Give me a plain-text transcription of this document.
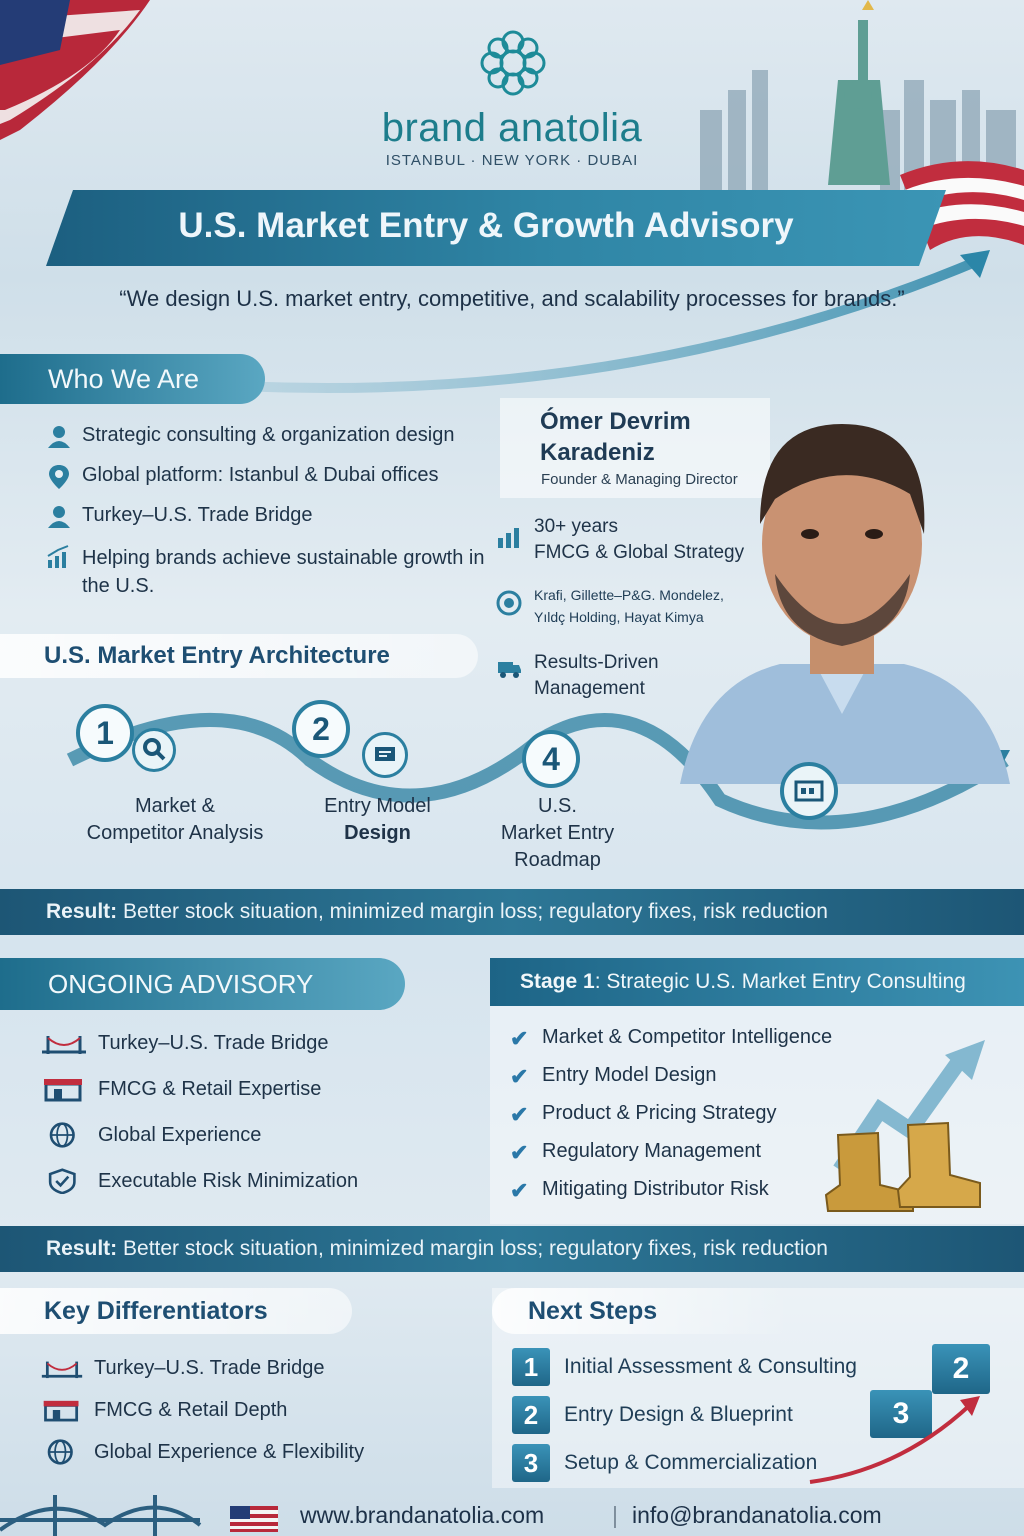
brand anatolia
ISTANBUL · NEW YORK · DUBAI
U.S. Market Entry & Growth Advisory
“We design U.S. market entry, competitive, and scalability processes for brands.”
Who We Are
Strategic consulting & organization design
Global platform: Istanbul & Dubai offices
Turkey–U.S. Trade Bridge
Helping brands achieve sustainable growth in the U.S.
Ómer Devrim Karadeniz
Founder & Managing Director
30+ years
FMCG & Global Strategy
Krafi, Gillette–P&G. Mondelez,
Yıldç Holding, Hayat Kimya
Results-Driven
Management
U.S. Market Entry Architecture
1	2
4
Market &
Competitor Analysis
Entry Model
Design
U.S.
Market Entry
Roadmap
Result: Better stock situation, minimized margin loss; regulatory fixes, risk reduction
ONGOING ADVISORY
Turkey–U.S. Trade Bridge
FMCG & Retail Expertise
Global Experience
Executable Risk Minimization
Stage 1: Strategic U.S. Market Entry Consulting
✔ Market & Competitor Intelligence
✔ Entry Model Design
✔ Product & Pricing Strategy
✔ Regulatory Management
✔ Mitigating Distributor Risk
Result: Better stock situation, minimized margin loss; regulatory fixes, risk reduction
Key Differentiators
Turkey–U.S. Trade Bridge
FMCG & Retail Depth
Global Experience & Flexibility
Next Steps
1	Initial Assessment & Consulting
2	Entry Design & Blueprint
3	Setup & Commercialization
2
3
www.brandanatolia.com	| info@brandanatolia.com
